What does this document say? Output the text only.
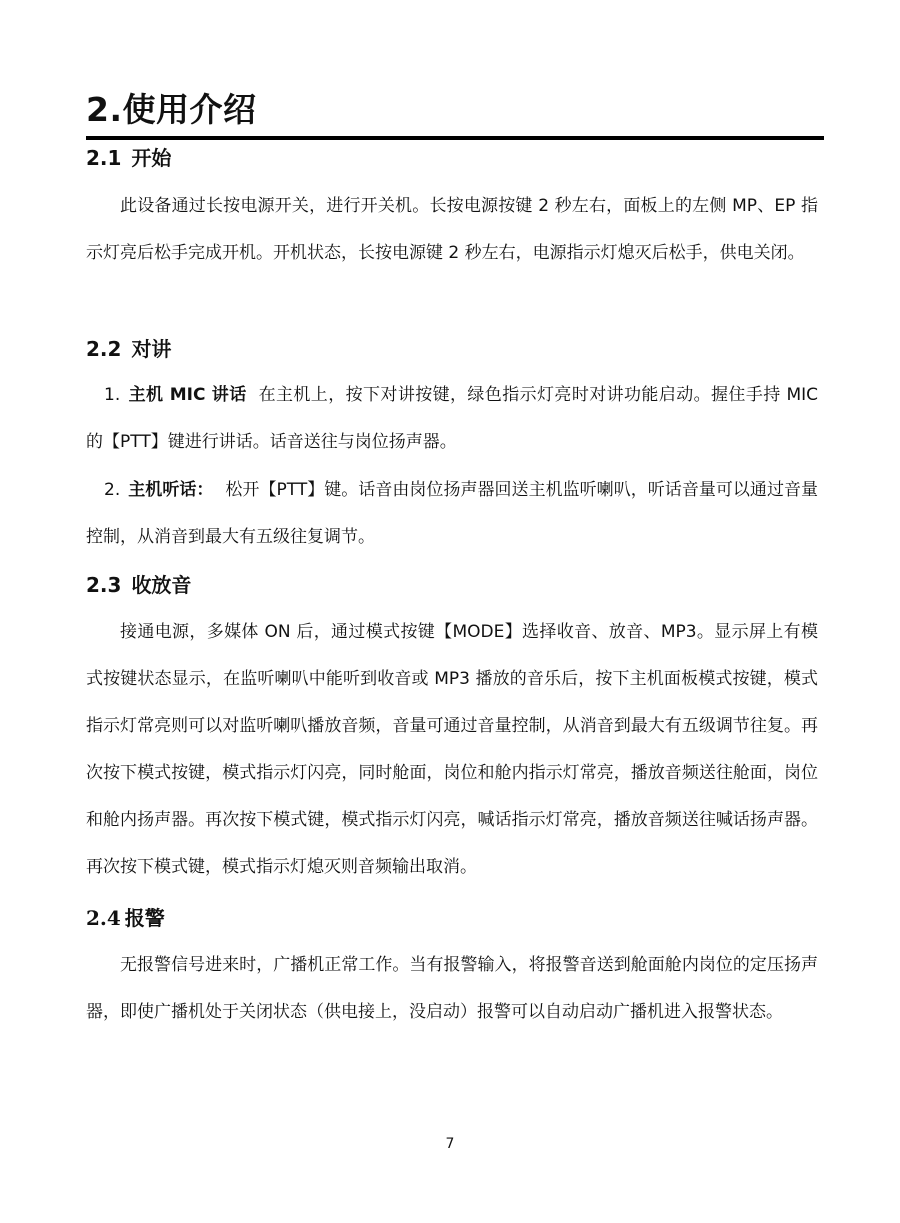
2.使用介绍
2.1 开始

此设备通过长按电源开关，进行开关机。长按电源按键 2 秒左右，面板上的左侧 MP、EP 指示灯亮后松手完成开机。开机状态，长按电源键 2 秒左右，电源指示灯熄灭后松手，供电关闭。

2.2 对讲

1. 主机 MIC 讲话 在主机上，按下对讲按键，绿色指示灯亮时对讲功能启动。握住手持 MIC 的【PTT】键进行讲话。话音送往与岗位扬声器。

2. 主机听话： 松开【PTT】键。话音由岗位扬声器回送主机监听喇叭，听话音量可以通过音量控制，从消音到最大有五级往复调节。

2.3 收放音

接通电源，多媒体 ON 后，通过模式按键【MODE】选择收音、放音、MP3。显示屏上有模式按键状态显示，在监听喇叭中能听到收音或 MP3 播放的音乐后，按下主机面板模式按键，模式指示灯常亮则可以对监听喇叭播放音频，音量可通过音量控制，从消音到最大有五级调节往复。再次按下模式按键，模式指示灯闪亮，同时舱面，岗位和舱内指示灯常亮，播放音频送往舱面，岗位和舱内扬声器。再次按下模式键，模式指示灯闪亮，喊话指示灯常亮，播放音频送往喊话扬声器。再次按下模式键，模式指示灯熄灭则音频输出取消。

2.4 报警

无报警信号进来时，广播机正常工作。当有报警输入，将报警音送到舱面舱内岗位的定压扬声器，即使广播机处于关闭状态（供电接上，没启动）报警可以自动启动广播机进入报警状态。

7
